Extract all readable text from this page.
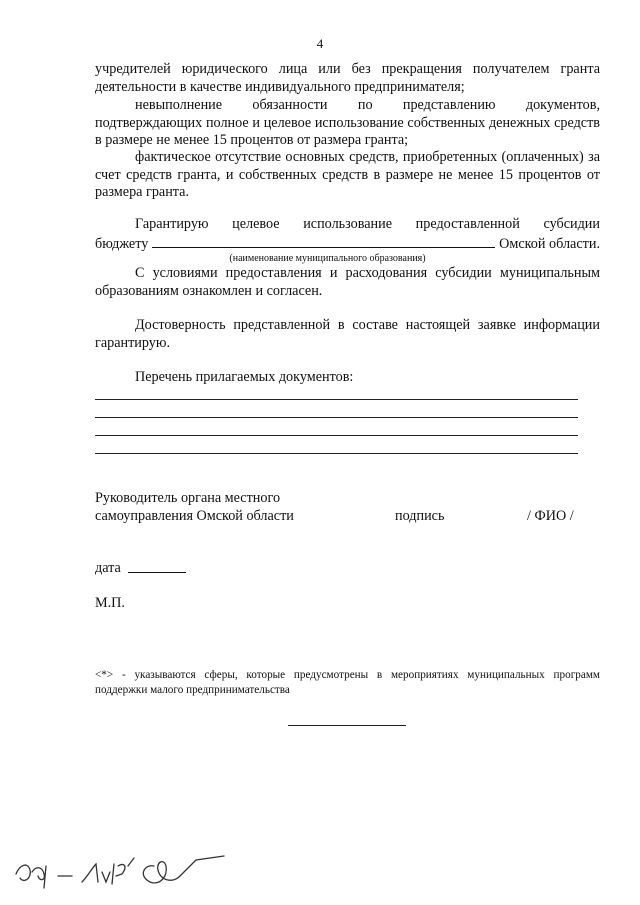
4

учредителей юридического лица или без прекращения получателем гранта деятельности в качестве индивидуального предпринимателя;

невыполнение обязанности по представлению документов, подтверждающих полное и целевое использование собственных денежных средств в размере не менее 15 процентов от размера гранта;

фактическое отсутствие основных средств, приобретенных (оплаченных) за счет средств гранта, и собственных средств в размере не менее 15 процентов от размера гранта.

Гарантирую целевое использование предоставленной субсидии

бюджету	Омской области.
(наименование муниципального образования)

С условиями предоставления и расходования субсидии муниципальным образованиям ознакомлен и согласен.

Достоверность представленной в составе настоящей заявке информации гарантирую.

Перечень прилагаемых документов:

Руководитель органа местного
самоуправления Омской области	подпись	/ ФИО /
дата
М.П.

<*> - указываются сферы, которые предусмотрены в мероприятиях муниципальных программ поддержки малого предпринимательства
